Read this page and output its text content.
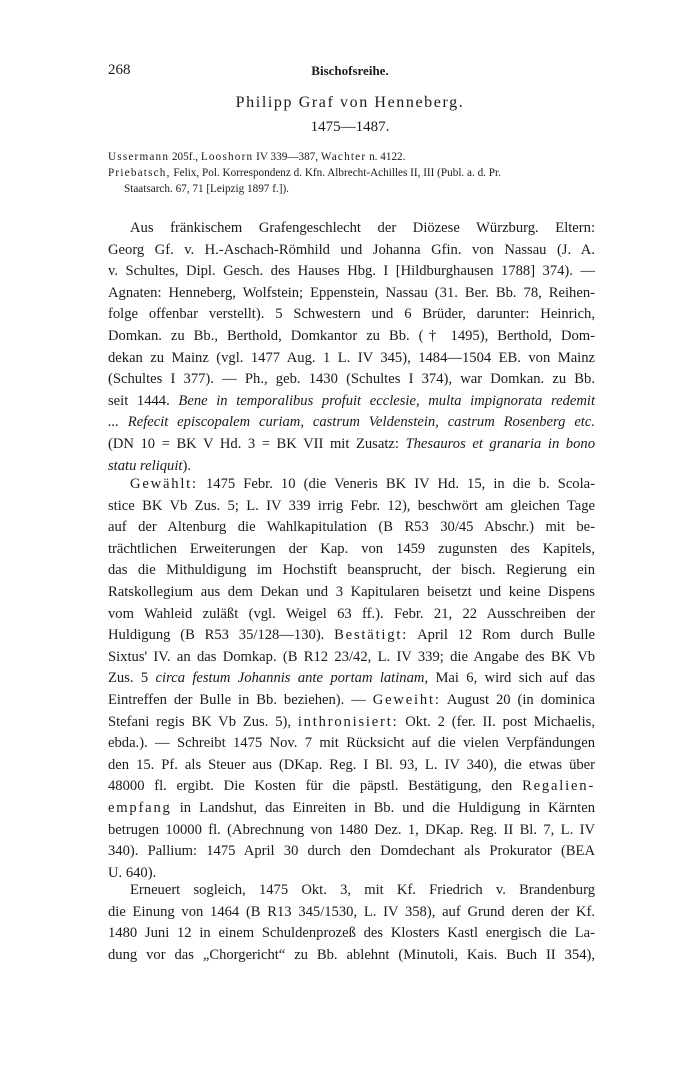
268	Bischofsreihe.
Philipp Graf von Henneberg.
1475—1487.
Ussermann 205f., Looshorn IV 339—387, Wachter n. 4122.
Priebatsch, Felix, Pol. Korrespondenz d. Kfn. Albrecht-Achilles II, III (Publ. a. d. Pr.
Staatsarch. 67, 71 [Leipzig 1897 f.]).
Aus fränkischem Grafengeschlecht der Diözese Würzburg. Eltern:
Georg Gf. v. H.-Aschach-Römhild und Johanna Gfin. von Nassau (J. A.
v. Schultes, Dipl. Gesch. des Hauses Hbg. I [Hildburghausen 1788] 374). —
Agnaten: Henneberg, Wolfstein; Eppenstein, Nassau (31. Ber. Bb. 78, Reihen-
folge offenbar verstellt). 5 Schwestern und 6 Brüder, darunter: Heinrich,
Domkan. zu Bb., Berthold, Domkantor zu Bb. († 1495), Berthold, Dom-
dekan zu Mainz (vgl. 1477 Aug. 1 L. IV 345), 1484—1504 EB. von Mainz
(Schultes I 377). — Ph., geb. 1430 (Schultes I 374), war Domkan. zu Bb.
seit 1444. Bene in temporalibus profuit ecclesie, multa impignorata redemit
... Refecit episcopalem curiam, castrum Veldenstein, castrum Rosenberg etc.
(DN 10 = BK V Hd. 3 = BK VII mit Zusatz: Thesauros et granaria in bono
statu reliquit).
Gewählt: 1475 Febr. 10 (die Veneris BK IV Hd. 15, in die b. Scola-
stice BK Vb Zus. 5; L. IV 339 irrig Febr. 12), beschwört am gleichen Tage
auf der Altenburg die Wahlkapitulation (B R53 30/45 Abschr.) mit be-
trächtlichen Erweiterungen der Kap. von 1459 zugunsten des Kapitels,
das die Mithuldigung im Hochstift beansprucht, der bisch. Regierung ein
Ratskollegium aus dem Dekan und 3 Kapitularen beisetzt und keine Dispens
vom Wahleid zuläßt (vgl. Weigel 63 ff.). Febr. 21, 22 Ausschreiben der
Huldigung (B R53 35/128—130). Bestätigt: April 12 Rom durch Bulle
Sixtus' IV. an das Domkap. (B R12 23/42, L. IV 339; die Angabe des BK Vb
Zus. 5 circa festum Johannis ante portam latinam, Mai 6, wird sich auf das
Eintreffen der Bulle in Bb. beziehen). — Geweiht: August 20 (in dominica
Stefani regis BK Vb Zus. 5), inthronisiert: Okt. 2 (fer. II. post Michaelis,
ebda.). — Schreibt 1475 Nov. 7 mit Rücksicht auf die vielen Verpfändungen
den 15. Pf. als Steuer aus (DKap. Reg. I Bl. 93, L. IV 340), die etwas über
48000 fl. ergibt. Die Kosten für die päpstl. Bestätigung, den Regalien-
empfang in Landshut, das Einreiten in Bb. und die Huldigung in Kärnten
betrugen 10000 fl. (Abrechnung von 1480 Dez. 1, DKap. Reg. II Bl. 7, L. IV
340). Pallium: 1475 April 30 durch den Domdechant als Prokurator (BEA
U. 640).
Erneuert sogleich, 1475 Okt. 3, mit Kf. Friedrich v. Brandenburg
die Einung von 1464 (B R13 345/1530, L. IV 358), auf Grund deren der Kf.
1480 Juni 12 in einem Schuldenprozeß des Klosters Kastl energisch die La-
dung vor das „Chorgericht“ zu Bb. ablehnt (Minutoli, Kais. Buch II 354),
